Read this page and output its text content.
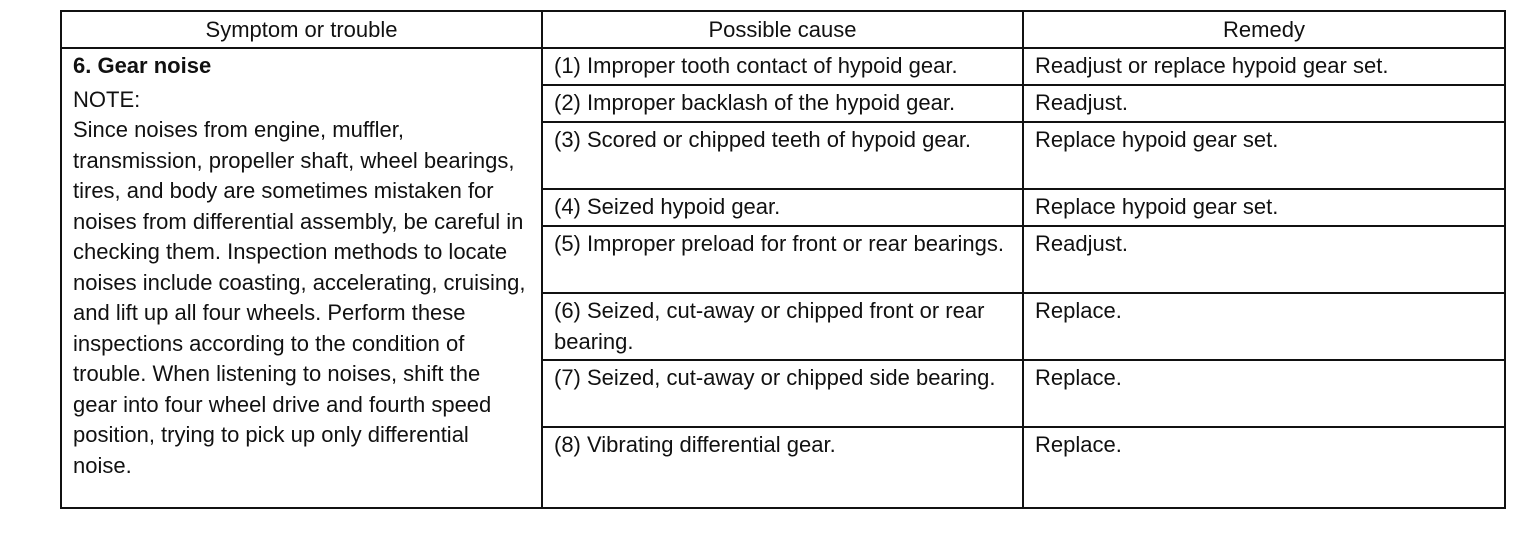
Symptom or trouble	Possible cause	Remedy

6. Gear noise
NOTE:
Since noises from engine, muffler, transmission, propeller shaft, wheel bearings, tires, and body are sometimes mistaken for noises from differential assembly, be careful in checking them. Inspection methods to locate noises include coasting, accelerating, cruising, and lift up all four wheels. Perform these inspections according to the condition of trouble. When listening to noises, shift the gear into four wheel drive and fourth speed position, trying to pick up only differential noise.	(1) Improper tooth contact of hypoid gear.	Readjust or replace hypoid gear set.
	(2) Improper backlash of the hypoid gear.	Readjust.
	(3) Scored or chipped teeth of hypoid gear.	Replace hypoid gear set.
	(4) Seized hypoid gear.	Replace hypoid gear set.
	(5) Improper preload for front or rear bearings.	Readjust.
	(6) Seized, cut-away or chipped front or rear bearing.	Replace.
	(7) Seized, cut-away or chipped side bearing.	Replace.
	(8) Vibrating differential gear.	Replace.
